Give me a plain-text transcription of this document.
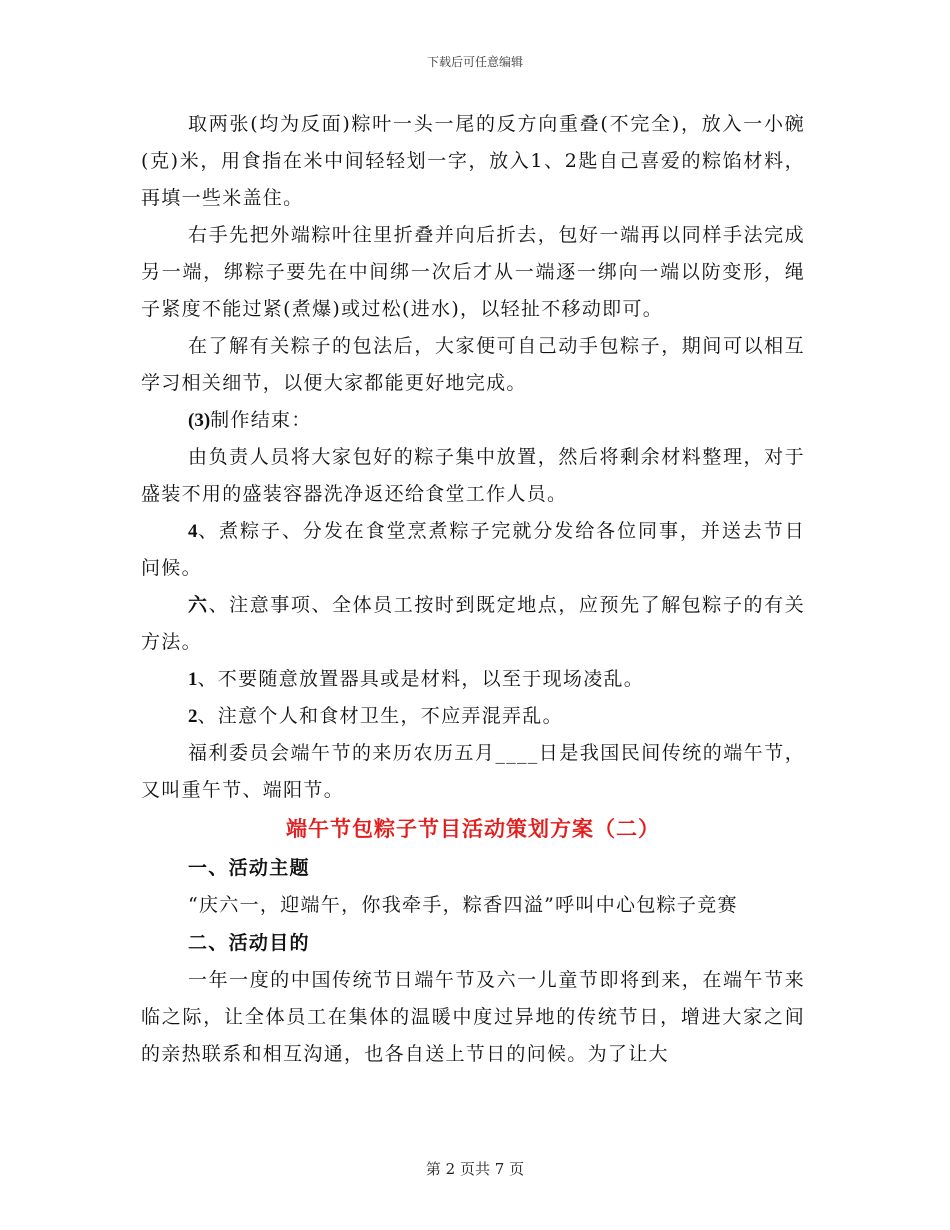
下载后可任意编辑

取两张(均为反面)粽叶一头一尾的反方向重叠(不完全)，放入一小碗(克)米，用食指在米中间轻轻划一字，放入1、2匙自己喜爱的粽馅材料，再填一些米盖住。

右手先把外端粽叶往里折叠并向后折去，包好一端再以同样手法完成另一端，绑粽子要先在中间绑一次后才从一端逐一绑向一端以防变形，绳子紧度不能过紧(煮爆)或过松(进水)，以轻扯不移动即可。

在了解有关粽子的包法后，大家便可自己动手包粽子，期间可以相互学习相关细节，以便大家都能更好地完成。

(3)制作结束：

由负责人员将大家包好的粽子集中放置，然后将剩余材料整理，对于盛装不用的盛装容器洗净返还给食堂工作人员。

4、煮粽子、分发在食堂烹煮粽子完就分发给各位同事，并送去节日问候。

六、注意事项、全体员工按时到既定地点，应预先了解包粽子的有关方法。

1、不要随意放置器具或是材料，以至于现场凌乱。

2、注意个人和食材卫生，不应弄混弄乱。

福利委员会端午节的来历农历五月____日是我国民间传统的端午节，又叫重午节、端阳节。

端午节包粽子节目活动策划方案（二）
一、活动主题

“庆六一，迎端午，你我牵手，粽香四溢”呼叫中心包粽子竞赛

二、活动目的

一年一度的中国传统节日端午节及六一儿童节即将到来，在端午节来临之际，让全体员工在集体的温暖中度过异地的传统节日，增进大家之间的亲热联系和相互沟通，也各自送上节日的问候。为了让大

第 2 页共 7 页
